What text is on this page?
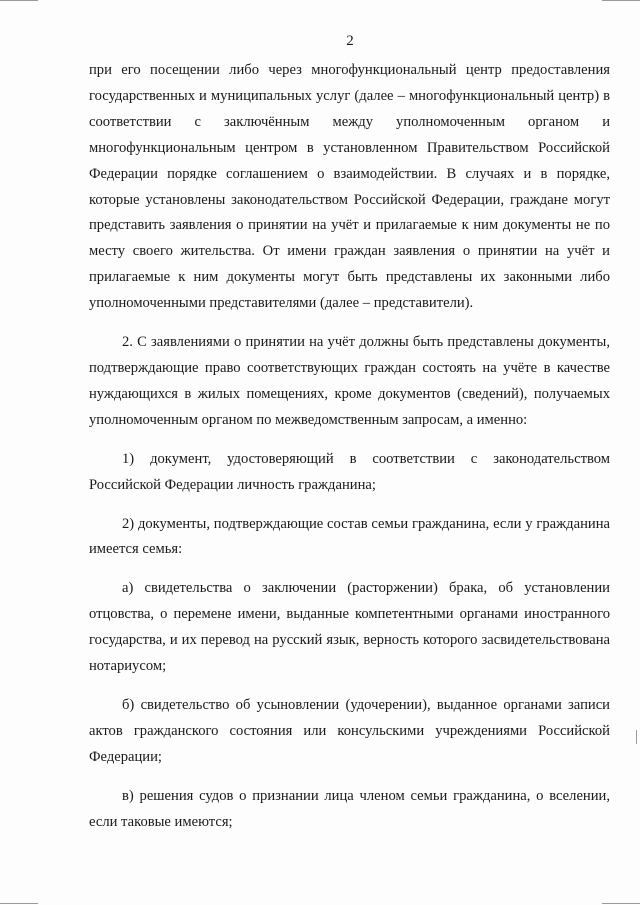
2

при его посещении либо через многофункциональный центр предоставления государственных и муниципальных услуг (далее – многофункциональный центр) в соответствии с заключённым между уполномоченным органом и многофункциональным центром в установленном Правительством Российской Федерации порядке соглашением о взаимодействии. В случаях и в порядке, которые установлены законодательством Российской Федерации, граждане могут представить заявления о принятии на учёт и прилагаемые к ним документы не по месту своего жительства. От имени граждан заявления о принятии на учёт и прилагаемые к ним документы могут быть представлены их законными либо уполномоченными представителями (далее – представители).

2. С заявлениями о принятии на учёт должны быть представлены документы, подтверждающие право соответствующих граждан состоять на учёте в качестве нуждающихся в жилых помещениях, кроме документов (сведений), получаемых уполномоченным органом по межведомственным запросам, а именно:

1) документ, удостоверяющий в соответствии с законодательством Российской Федерации личность гражданина;

2) документы, подтверждающие состав семьи гражданина, если у гражданина имеется семья:

а) свидетельства о заключении (расторжении) брака, об установлении отцовства, о перемене имени, выданные компетентными органами иностранного государства, и их перевод на русский язык, верность которого засвидетельствована нотариусом;

б) свидетельство об усыновлении (удочерении), выданное органами записи актов гражданского состояния или консульскими учреждениями Российской Федерации;

в) решения судов о признании лица членом семьи гражданина, о вселении, если таковые имеются;
